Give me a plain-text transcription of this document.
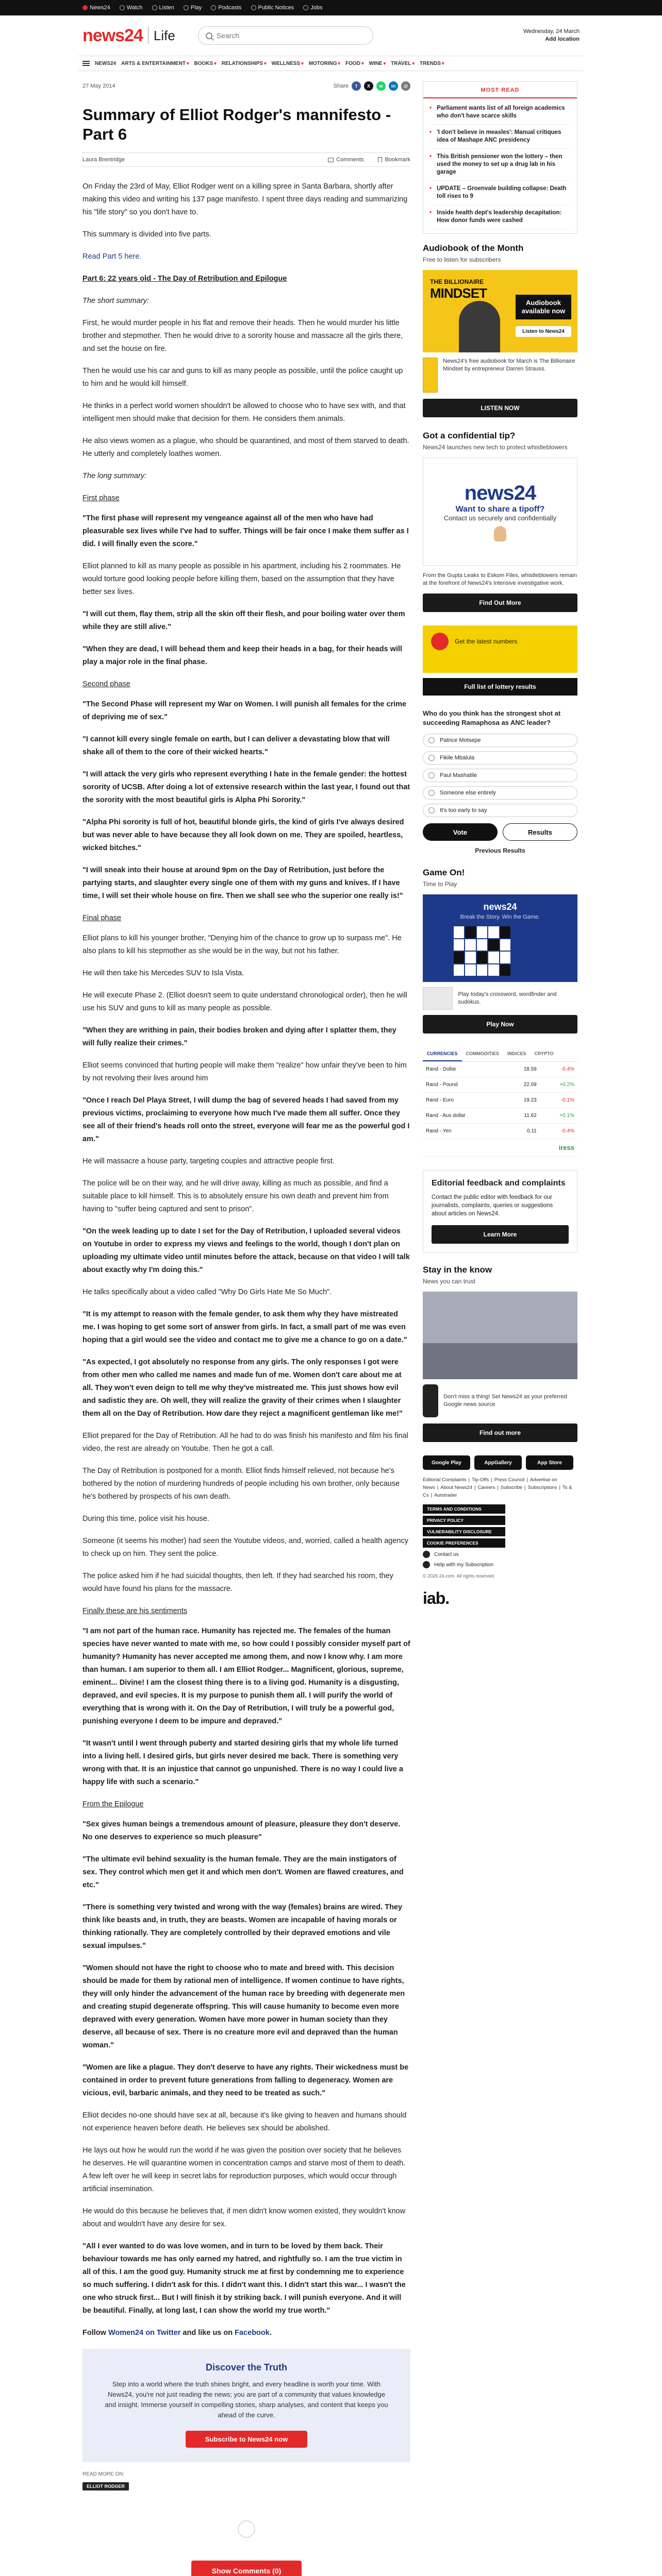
News24	Watch	Listen	Play	Podcasts	Public Notices	Jobs
news24 Life
Search	Wednesday, 24 March
Add location
NEWS24 ARTS & ENTERTAINMENT ▾ BOOKS ▾ RELATIONSHIPS ▾ WELLNESS ▾ MOTORING ▾ FOOD ▾ WINE ▾ TRAVEL ▾ TRENDS ▾
27 May 2014	Share	f	X	w	in	@
Summary of Elliot Rodger's mannifesto - Part 6
Laura Brentridge	Comments	Bookmark

On Friday the 23rd of May, Elliot Rodger went on a killing spree in Santa Barbara, shortly after making this video and writing his 137 page manifesto. I spent three days reading and summarizing his "life story" so you don't have to.

This summary is divided into five parts.

Read Part 5 here.

Part 6: 22 years old - The Day of Retribution and Epilogue

The short summary:

First, he would murder people in his flat and remove their heads. Then he would murder his little brother and stepmother. Then he would drive to a sorority house and massacre all the girls there, and set the house on fire.

Then he would use his car and guns to kill as many people as possible, until the police caught up to him and he would kill himself.

He thinks in a perfect world women shouldn't be allowed to choose who to have sex with, and that intelligent men should make that decision for them. He considers them animals.

He also views women as a plague, who should be quarantined, and most of them starved to death. He utterly and completely loathes women.

The long summary:

First phase

"The first phase will represent my vengeance against all of the men who have had pleasurable sex lives while I've had to suffer. Things will be fair once I make them suffer as I did. I will finally even the score."

Elliot planned to kill as many people as possible in his apartment, including his 2 roommates. He would torture good looking people before killing them, based on the assumption that they have better sex lives.

"I will cut them, flay them, strip all the skin off their flesh, and pour boiling water over them while they are still alive."

"When they are dead, I will behead them and keep their heads in a bag, for their heads will play a major role in the final phase.

Second phase

"The Second Phase will represent my War on Women. I will punish all females for the crime of depriving me of sex."

"I cannot kill every single female on earth, but I can deliver a devastating blow that will shake all of them to the core of their wicked hearts."

"I will attack the very girls who represent everything I hate in the female gender: the hottest sorority of UCSB. After doing a lot of extensive research within the last year, I found out that the sorority with the most beautiful girls is Alpha Phi Sorority."

"Alpha Phi sorority is full of hot, beautiful blonde girls, the kind of girls I've always desired but was never able to have because they all look down on me. They are spoiled, heartless, wicked bitches."

"I will sneak into their house at around 9pm on the Day of Retribution, just before the partying starts, and slaughter every single one of them with my guns and knives. If I have time, I will set their whole house on fire. Then we shall see who the superior one really is!"

Final phase

Elliot plans to kill his younger brother, "Denying him of the chance to grow up to surpass me". He also plans to kill his stepmother as she would be in the way, but not his father.

He will then take his Mercedes SUV to Isla Vista.

He will execute Phase 2. (Elliot doesn't seem to quite understand chronological order), then he will use his SUV and guns to kill as many people as possible.

"When they are writhing in pain, their bodies broken and dying after I splatter them, they will fully realize their crimes."

Elliot seems convinced that hurting people will make them "realize" how unfair they've been to him by not revolving their lives around him

"Once I reach Del Playa Street, I will dump the bag of severed heads I had saved from my previous victims, proclaiming to everyone how much I've made them all suffer. Once they see all of their friend's heads roll onto the street, everyone will fear me as the powerful god I am."

He will massacre a house party, targeting couples and attractive people first.

The police will be on their way, and he will drive away, killing as much as possible, and find a suitable place to kill himself. This is to absolutely ensure his own death and prevent him from having to "suffer being captured and sent to prison".

"On the week leading up to date I set for the Day of Retribution, I uploaded several videos on Youtube in order to express my views and feelings to the world, though I don't plan on uploading my ultimate video until minutes before the attack, because on that video I will talk about exactly why I'm doing this."

He talks specifically about a video called "Why Do Girls Hate Me So Much".

"It is my attempt to reason with the female gender, to ask them why they have mistreated me. I was hoping to get some sort of answer from girls. In fact, a small part of me was even hoping that a girl would see the video and contact me to give me a chance to go on a date."

"As expected, I got absolutely no response from any girls. The only responses I got were from other men who called me names and made fun of me. Women don't care about me at all. They won't even deign to tell me why they've mistreated me. This just shows how evil and sadistic they are. Oh well, they will realize the gravity of their crimes when I slaughter them all on the Day of Retribution. How dare they reject a magnificent gentleman like me!"

Elliot prepared for the Day of Retribution. All he had to do was finish his manifesto and film his final video, the rest are already on Youtube. Then he got a call.

The Day of Retribution is postponed for a month. Elliot finds himself relieved, not because he's bothered by the notion of murdering hundreds of people including his own brother, only because he's bothered by prospects of his own death.

During this time, police visit his house.

Someone (it seems his mother) had seen the Youtube videos, and, worried, called a health agency to check up on him. They sent the police.

The police asked him if he had suicidal thoughts, then left. If they had searched his room, they would have found his plans for the massacre.

Finally these are his sentiments

"I am not part of the human race. Humanity has rejected me. The females of the human species have never wanted to mate with me, so how could I possibly consider myself part of humanity? Humanity has never accepted me among them, and now I know why. I am more than human. I am superior to them all. I am Elliot Rodger... Magnificent, glorious, supreme, eminent... Divine! I am the closest thing there is to a living god. Humanity is a disgusting, depraved, and evil species. It is my purpose to punish them all. I will purify the world of everything that is wrong with it. On the Day of Retribution, I will truly be a powerful god, punishing everyone I deem to be impure and depraved."

"It wasn't until I went through puberty and started desiring girls that my whole life turned into a living hell. I desired girls, but girls never desired me back. There is something very wrong with that. It is an injustice that cannot go unpunished. There is no way I could live a happy life with such a scenario."

From the Epilogue

"Sex gives human beings a tremendous amount of pleasure, pleasure they don't deserve. No one deserves to experience so much pleasure"

"The ultimate evil behind sexuality is the human female. They are the main instigators of sex. They control which men get it and which men don't. Women are flawed creatures, and etc."

"There is something very twisted and wrong with the way (females) brains are wired. They think like beasts and, in truth, they are beasts. Women are incapable of having morals or thinking rationally. They are completely controlled by their depraved emotions and vile sexual impulses."

"Women should not have the right to choose who to mate and breed with. This decision should be made for them by rational men of intelligence. If women continue to have rights, they will only hinder the advancement of the human race by breeding with degenerate men and creating stupid degenerate offspring. This will cause humanity to become even more depraved with every generation. Women have more power in human society than they deserve, all because of sex. There is no creature more evil and depraved than the human woman."

"Women are like a plague. They don't deserve to have any rights. Their wickedness must be contained in order to prevent future generations from falling to degeneracy. Women are vicious, evil, barbaric animals, and they need to be treated as such."

Elliot decides no-one should have sex at all, because it's like giving to heaven and humans should not experience heaven before death. He believes sex should be abolished.

He lays out how he would run the world if he was given the position over society that he believes he deserves. He will quarantine women in concentration camps and starve most of them to death. A few left over he will keep in secret labs for reproduction purposes, which would occur through artificial insemination.

He would do this because he believes that, if men didn't know women existed, they wouldn't know about and wouldn't have any desire for sex.

"All I ever wanted to do was love women, and in turn to be loved by them back. Their behaviour towards me has only earned my hatred, and rightfully so. I am the true victim in all of this. I am the good guy. Humanity struck me at first by condemning me to experience so much suffering. I didn't ask for this. I didn't want this. I didn't start this war... I wasn't the one who struck first... But I will finish it by striking back. I will punish everyone. And it will be beautiful. Finally, at long last, I can show the world my true worth."

Follow Women24 on Twitter and like us on Facebook.

Discover the Truth

Step into a world where the truth shines bright, and every headline is worth your time. With News24, you're not just reading the news; you are part of a community that values knowledge and insight. Immerse yourself in compelling stories, sharp analyses, and content that keeps you ahead of the curve.

Subscribe to News24 now
READ MORE ON:
ELLIOT RODGER
Show Comments (0)
MOST READ
• Parliament wants list of all foreign academics who don't have scarce skills
• 'I don't believe in measles': Manual critiques idea of Mashape ANC presidency
• This British pensioner won the lottery – then used the money to set up a drug lab in his garage
• UPDATE – Groenvale building collapse: Death toll rises to 9
• Inside health dept's leadership decapitation: How donor funds were cashed
Audiobook of the Month
Free to listen for subscribers
THE BILLIONAIRE
MINDSET
Audiobook available now
Listen to News24

News24's free audiobook for March is The Billionaire Mindset by entrepreneur Darren Strauss.

LISTEN NOW
Got a confidential tip?
News24 launches new tech to protect whistleblowers
news24
Want to share a tipoff?
Contact us securely and confidentially
From the Gupta Leaks to Eskom Files, whistleblowers remain at the forefront of News24's intensive investigative work.
Find Out More
Get the latest numbers
Full list of lottery results
Who do you think has the strongest shot at succeeding Ramaphosa as ANC leader?
Patrice Motsepe
Fikile Mbalula
Paul Mashatile
Someone else entirely
It's too early to say
Vote	Results
Previous Results
Game On!
Time to Play
news24
Break the Story. Win the Game.

Play today's crossword, wordfinder and sudokus.

Play Now
CURRENCIES	COMMODITIES	INDICES	CRYPTO
Rand - Dollar	18.59	-0.4%
Rand - Pound	22.09	+0.2%
Rand - Euro	19.23	-0.1%
Rand - Aus dollar	11.62	+0.1%
Rand - Yen	0.11	-0.4%
iress		
Editorial feedback and complaints

Contact the public editor with feedback for our journalists, complaints, queries or suggestions about articles on News24.

Learn More
Stay in the know
News you can trust

Don't miss a thing! Set News24 as your preferred Google news source

Find out more
Google Play	AppGallery	App Store
Editorial Complaints | Tip-Offs | Press Council | Advertise on News | About News24 | Careers | Subscribe | Subscriptions | Ts & Cs | Autotrader
TERMS AND CONDITIONS
PRIVACY POLICY
VULNERABILITY DISCLOSURE
COOKIE PREFERENCES
Contact us
Help with my Subscription
© 2026 24.com. All rights reserved.
iab.
